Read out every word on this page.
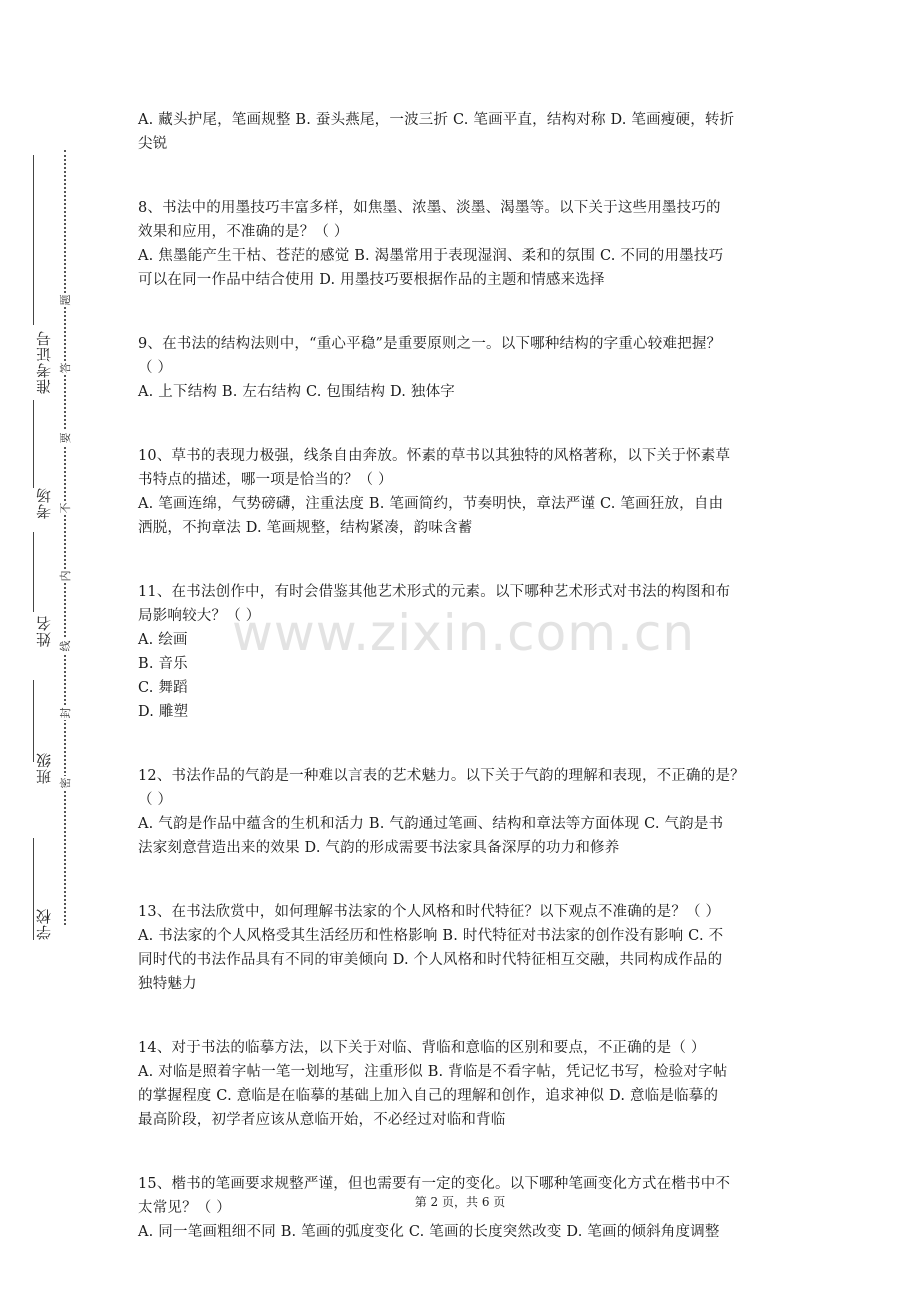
学校
班级
姓名
考场
准考证号
密
封
线
内
不
要
答
题
www.zixin.com.cn

A. 藏头护尾，笔画规整 B. 蚕头燕尾，一波三折 C. 笔画平直，结构对称 D. 笔画瘦硬，转折

尖锐

8、书法中的用墨技巧丰富多样，如焦墨、浓墨、淡墨、渴墨等。以下关于这些用墨技巧的

效果和应用，不准确的是？（ ）

A. 焦墨能产生干枯、苍茫的感觉 B. 渴墨常用于表现湿润、柔和的氛围 C. 不同的用墨技巧

可以在同一作品中结合使用 D. 用墨技巧要根据作品的主题和情感来选择

9、在书法的结构法则中，“重心平稳”是重要原则之一。以下哪种结构的字重心较难把握？

（ ）

A. 上下结构 B. 左右结构 C. 包围结构 D. 独体字

10、草书的表现力极强，线条自由奔放。怀素的草书以其独特的风格著称，以下关于怀素草

书特点的描述，哪一项是恰当的？（ ）

A. 笔画连绵，气势磅礴，注重法度 B. 笔画简约，节奏明快，章法严谨 C. 笔画狂放，自由

洒脱，不拘章法 D. 笔画规整，结构紧凑，韵味含蓄

11、在书法创作中，有时会借鉴其他艺术形式的元素。以下哪种艺术形式对书法的构图和布

局影响较大？（ ）

A. 绘画

B. 音乐

C. 舞蹈

D. 雕塑

12、书法作品的气韵是一种难以言表的艺术魅力。以下关于气韵的理解和表现，不正确的是？

（ ）

A. 气韵是作品中蕴含的生机和活力 B. 气韵通过笔画、结构和章法等方面体现 C. 气韵是书

法家刻意营造出来的效果 D. 气韵的形成需要书法家具备深厚的功力和修养

13、在书法欣赏中，如何理解书法家的个人风格和时代特征？以下观点不准确的是？（ ）

A. 书法家的个人风格受其生活经历和性格影响 B. 时代特征对书法家的创作没有影响 C. 不

同时代的书法作品具有不同的审美倾向 D. 个人风格和时代特征相互交融，共同构成作品的

独特魅力

14、对于书法的临摹方法，以下关于对临、背临和意临的区别和要点，不正确的是（ ）

A. 对临是照着字帖一笔一划地写，注重形似 B. 背临是不看字帖，凭记忆书写，检验对字帖

的掌握程度 C. 意临是在临摹的基础上加入自己的理解和创作，追求神似 D. 意临是临摹的

最高阶段，初学者应该从意临开始，不必经过对临和背临

15、楷书的笔画要求规整严谨，但也需要有一定的变化。以下哪种笔画变化方式在楷书中不

太常见？（ ）

A. 同一笔画粗细不同 B. 笔画的弧度变化 C. 笔画的长度突然改变 D. 笔画的倾斜角度调整

第 2 页，共 6 页
